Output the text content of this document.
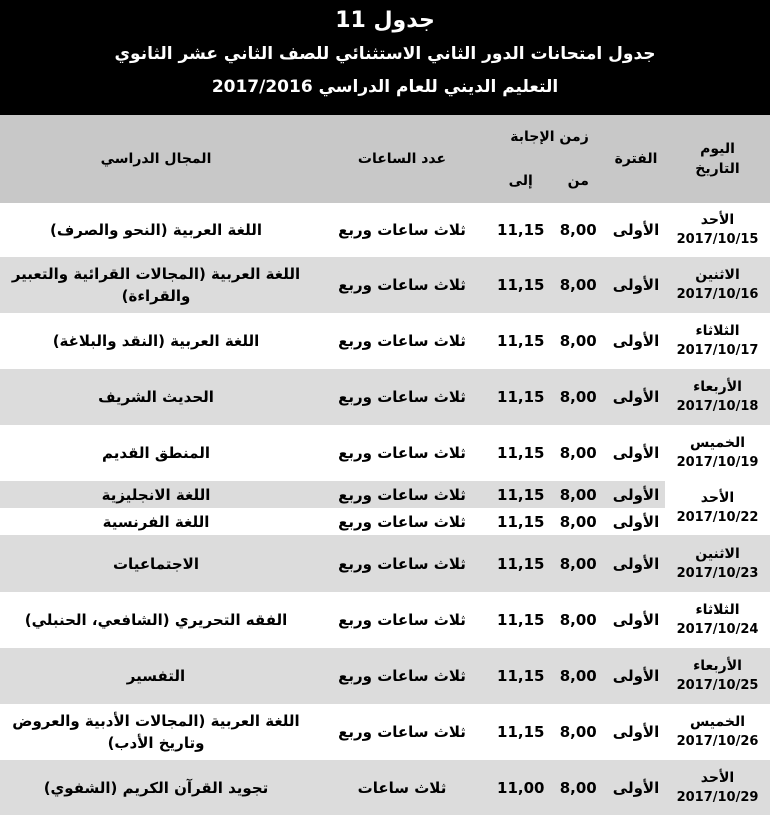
جدول 11
جدول امتحانات الدور الثاني الاستثنائي للصف الثاني عشر الثانوي
التعليم الديني للعام الدراسي 2017/2016
اليوم
التاريخ	الفترة	زمن الإجابة		عدد الساعات	المجال الدراسي
		من	إلى		

الأحد
2017/10/15	الأولى	8,00	11,15	ثلاث ساعات وربع	اللغة العربية (النحو والصرف)

الاثنين
2017/10/16	الأولى	8,00	11,15	ثلاث ساعات وربع	اللغة العربية (المجالات القرائية والتعبير والقراءة)

الثلاثاء
2017/10/17	الأولى	8,00	11,15	ثلاث ساعات وربع	اللغة العربية (النقد والبلاغة)

الأربعاء
2017/10/18	الأولى	8,00	11,15	ثلاث ساعات وربع	الحديث الشريف

الخميس
2017/10/19	الأولى	8,00	11,15	ثلاث ساعات وربع	المنطق القديم

الأحد
2017/10/22	الأولى	8,00	11,15	ثلاث ساعات وربع	اللغة الانجليزية

	الأولى	8,00	11,15	ثلاث ساعات وربع	اللغة الفرنسية

الاثنين
2017/10/23	الأولى	8,00	11,15	ثلاث ساعات وربع	الاجتماعيات

الثلاثاء
2017/10/24	الأولى	8,00	11,15	ثلاث ساعات وربع	الفقه التحريري (الشافعي، الحنبلي)

الأربعاء
2017/10/25	الأولى	8,00	11,15	ثلاث ساعات وربع	التفسير

الخميس
2017/10/26	الأولى	8,00	11,15	ثلاث ساعات وربع	اللغة العربية (المجالات الأدبية والعروض وتاريخ الأدب)

الأحد
2017/10/29	الأولى	8,00	11,00	ثلاث ساعات	تجويد القرآن الكريم (الشفوي)
